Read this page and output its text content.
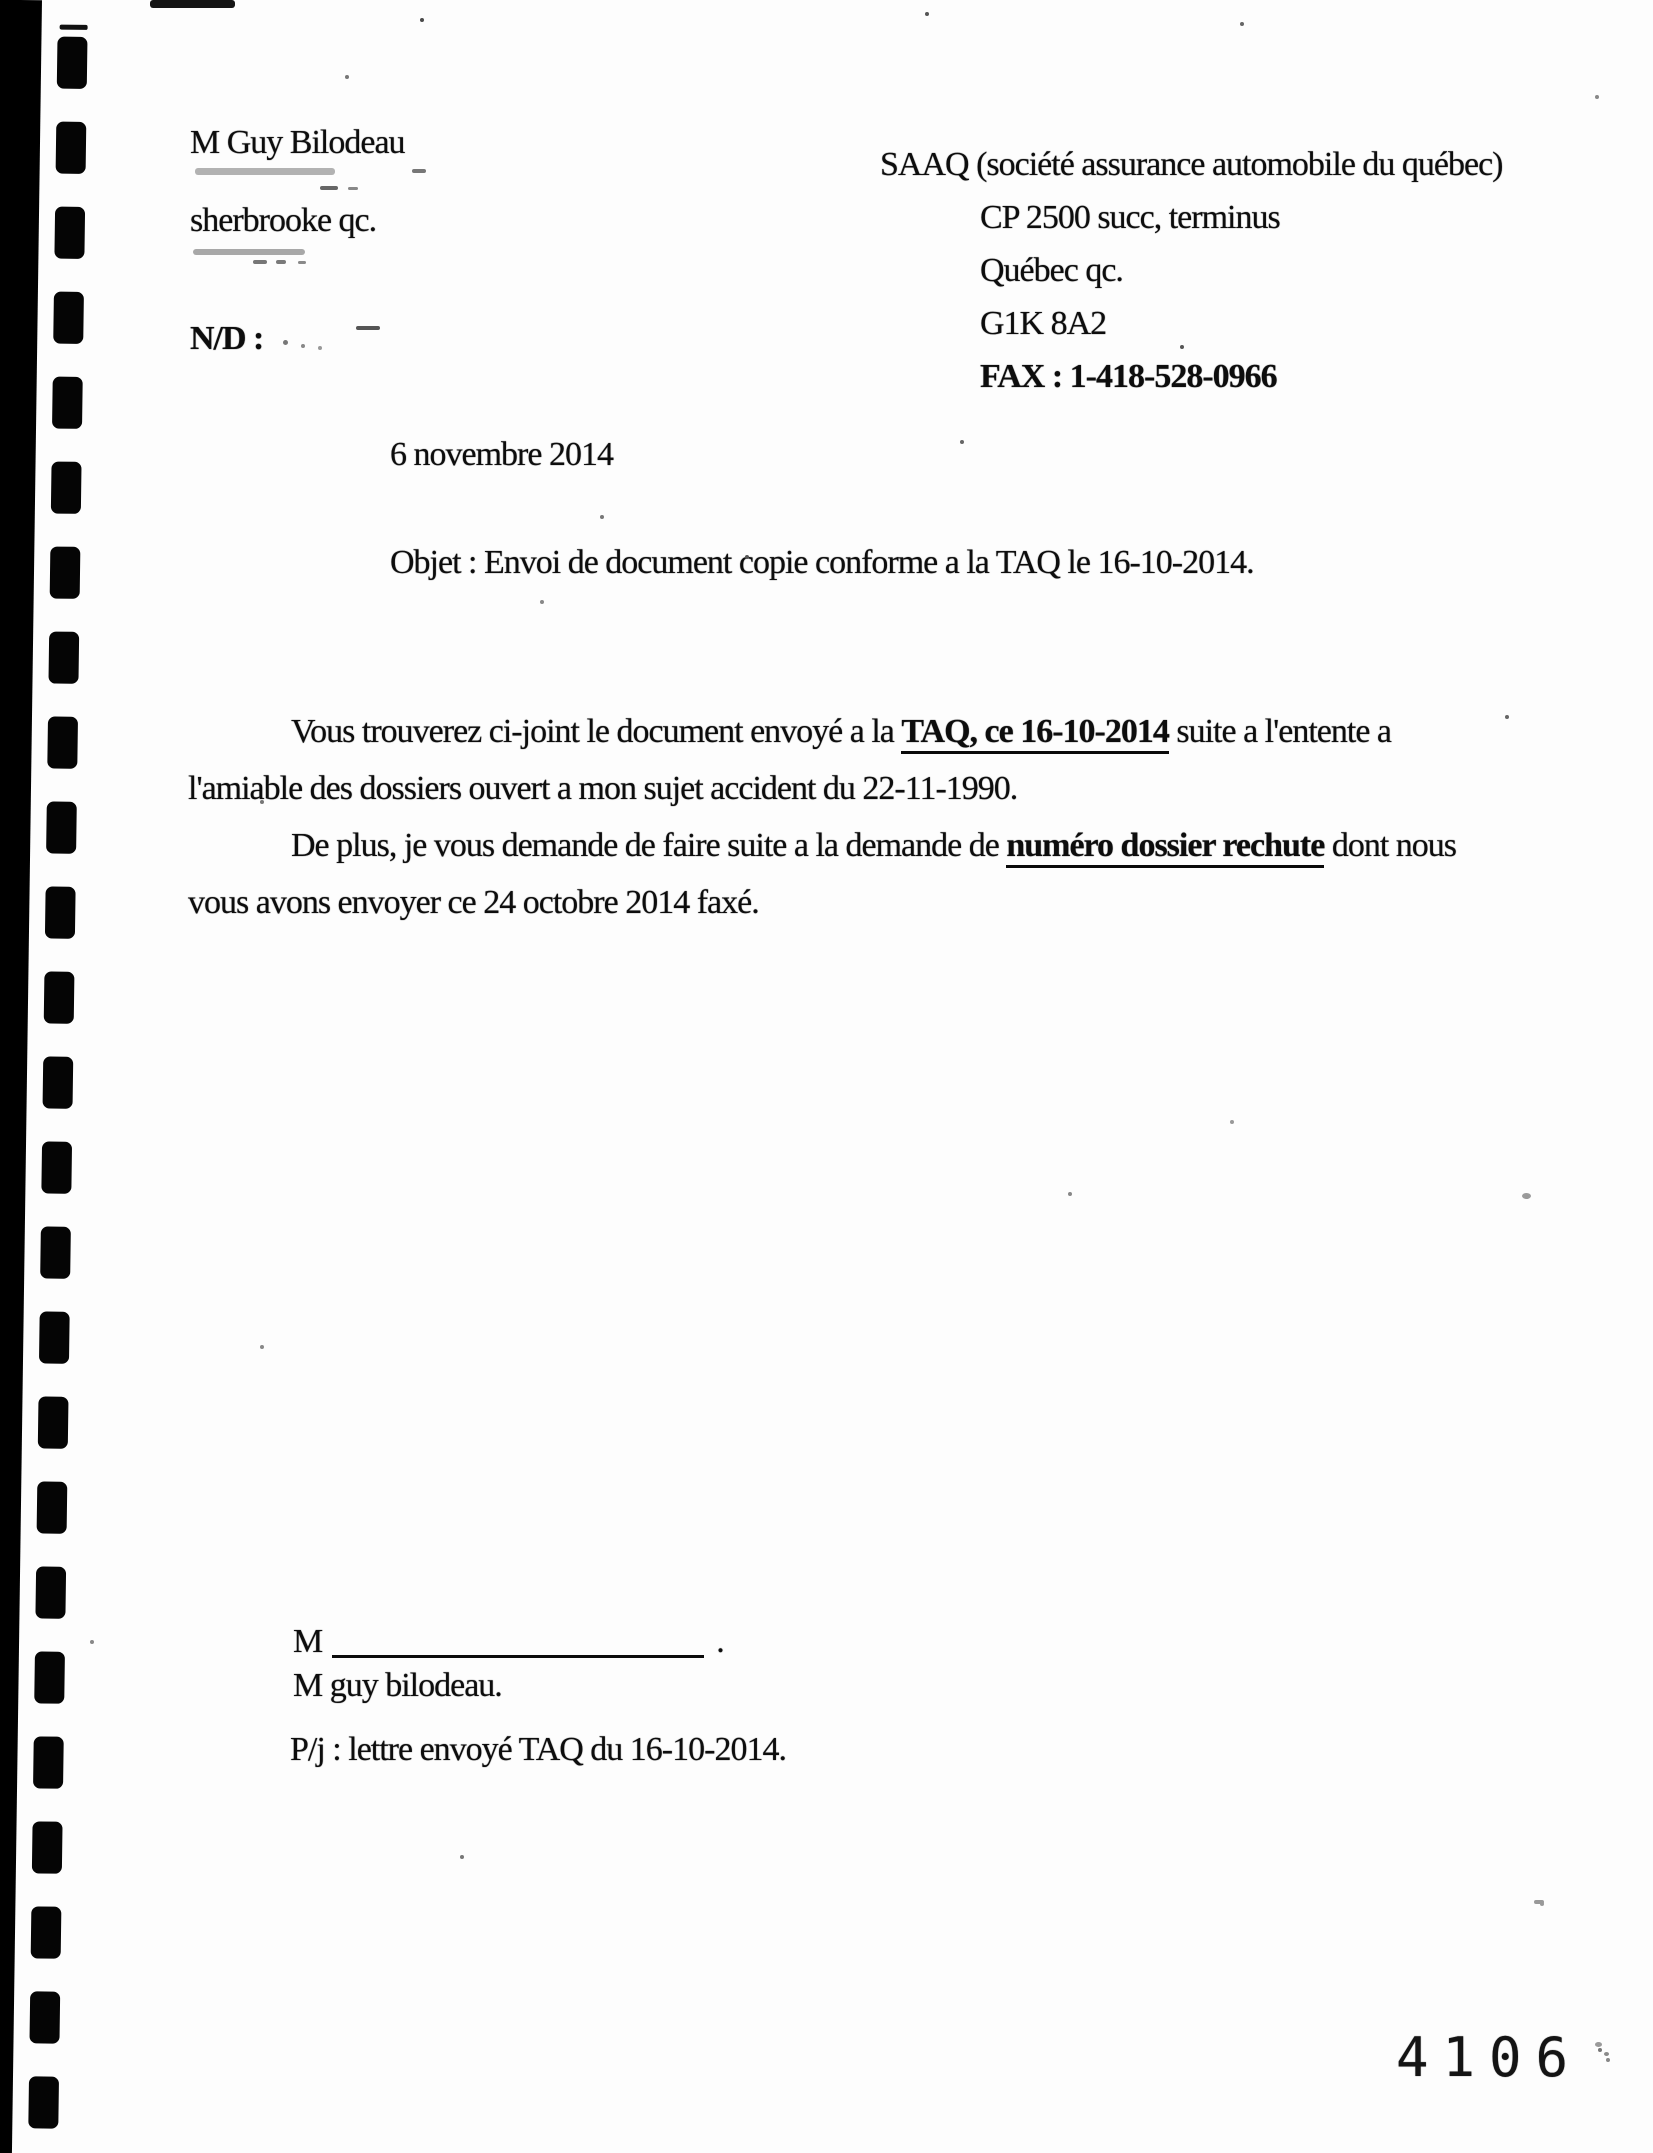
M Guy Bilodeau
sherbrooke qc.
N/D :
SAAQ (société assurance automobile du québec)
CP 2500 succ, terminus
Québec qc.
G1K 8A2
FAX : 1-418-528-0966
6 novembre 2014
Objet : Envoi de document copie conforme a la TAQ le 16-10-2014.
Vous trouverez ci-joint le document envoyé a la TAQ, ce 16-10-2014 suite a l'entente a
l'amiable des dossiers ouvert a mon sujet accident du 22-11-1990.
De plus, je vous demande de faire suite a la demande de numéro dossier rechute dont nous
vous avons envoyer ce 24 octobre 2014 faxé.
M	.
M guy bilodeau.
P/j : lettre envoyé TAQ du 16-10-2014.
4106
